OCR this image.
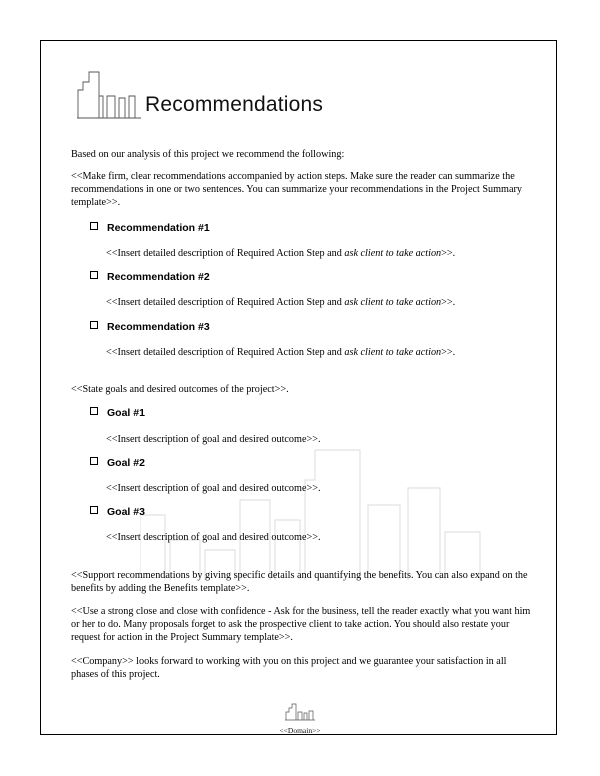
Recommendations

Based on our analysis of this project we recommend the following:

<<Make firm, clear recommendations accompanied by action steps. Make sure the reader can summarize the recommendations in one or two sentences. You can summarize your recommendations in the Project Summary template>>.

Recommendation #1
<<Insert detailed description of Required Action Step and ask client to take action>>.
Recommendation #2
<<Insert detailed description of Required Action Step and ask client to take action>>.
Recommendation #3
<<Insert detailed description of Required Action Step and ask client to take action>>.

<<State goals and desired outcomes of the project>>.

Goal #1
<<Insert description of goal and desired outcome>>.
Goal #2
<<Insert description of goal and desired outcome>>.
Goal #3
<<Insert description of goal and desired outcome>>.

<<Support recommendations by giving specific details and quantifying the benefits. You can also expand on the benefits by adding the Benefits template>>.

<<Use a strong close and close with confidence - Ask for the business, tell the reader exactly what you want him or her to do. Many proposals forget to ask the prospective client to take action. You should also restate your request for action in the Project Summary template>>.

<<Company>> looks forward to working with you on this project and we guarantee your satisfaction in all phases of this project.

<<Domain>>
